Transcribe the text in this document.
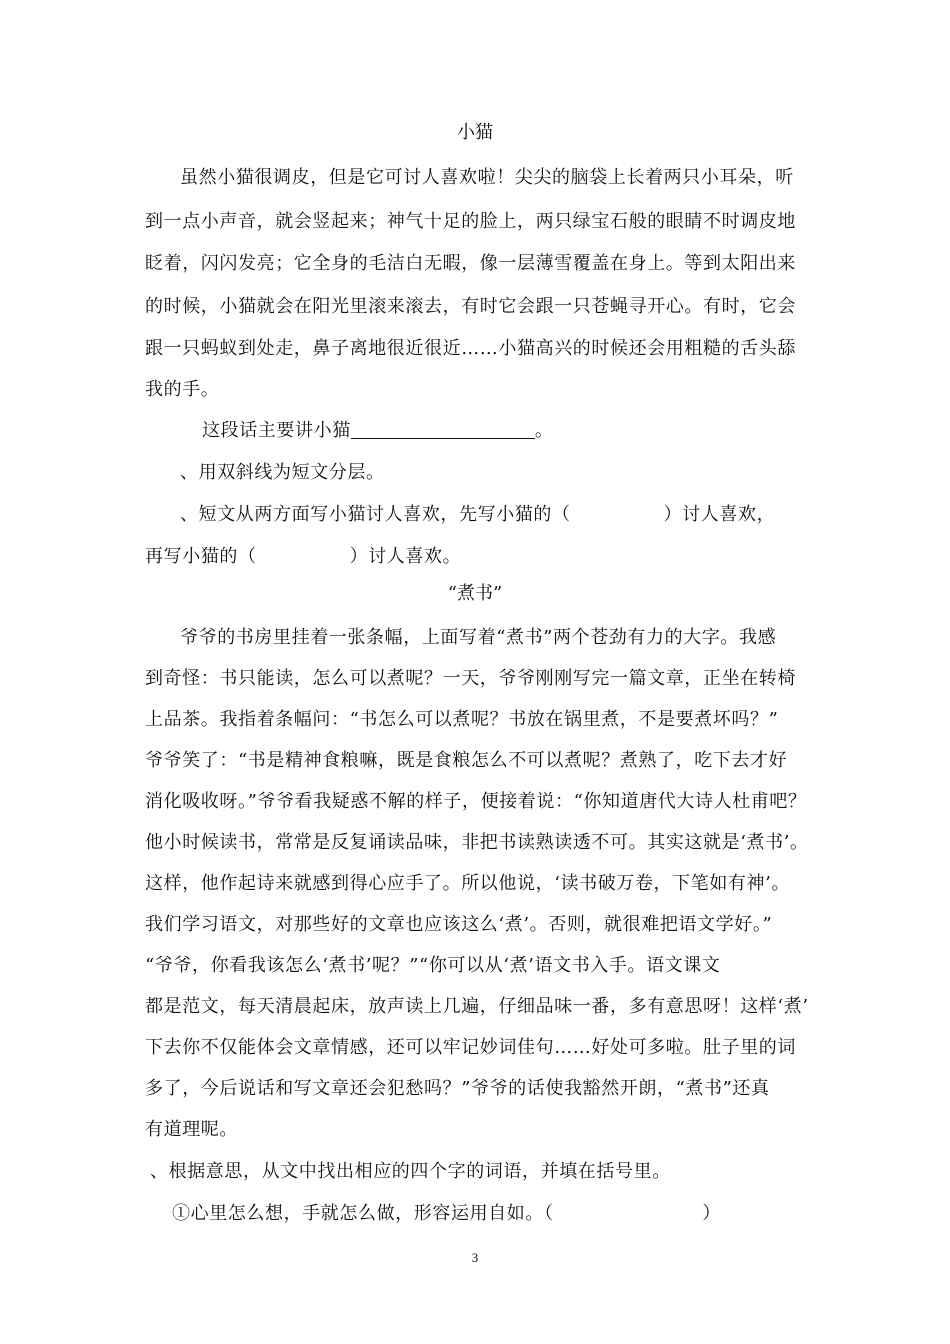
小猫
虽然小猫很调皮，但是它可讨人喜欢啦！尖尖的脑袋上长着两只小耳朵，听
到一点小声音，就会竖起来；神气十足的脸上，两只绿宝石般的眼睛不时调皮地
眨着，闪闪发亮；它全身的毛洁白无暇，像一层薄雪覆盖在身上。等到太阳出来
的时候，小猫就会在阳光里滚来滚去，有时它会跟一只苍蝇寻开心。有时，它会
跟一只蚂蚁到处走，鼻子离地很近很近……小猫高兴的时候还会用粗糙的舌头舔
我的手。
这段话主要讲小猫	。
、用双斜线为短文分层。
、短文从两方面写小猫讨人喜欢，先写小猫的（　　　　　）讨人喜欢，
再写小猫的（　　　　　）讨人喜欢。
“煮书”
爷爷的书房里挂着一张条幅，上面写着“煮书”两个苍劲有力的大字。我感
到奇怪：书只能读，怎么可以煮呢？一天，爷爷刚刚写完一篇文章，正坐在转椅
上品茶。我指着条幅问：“书怎么可以煮呢？书放在锅里煮，不是要煮坏吗？”
爷爷笑了：“书是精神食粮嘛，既是食粮怎么不可以煮呢？煮熟了，吃下去才好
消化吸收呀。”爷爷看我疑惑不解的样子，便接着说：“你知道唐代大诗人杜甫吧？
他小时候读书，常常是反复诵读品味，非把书读熟读透不可。其实这就是‘煮书’。
这样，他作起诗来就感到得心应手了。所以他说，‘读书破万卷，下笔如有神’。
我们学习语文，对那些好的文章也应该这么‘煮’。否则，就很难把语文学好。”
“爷爷，你看我该怎么‘煮书’呢？”“你可以从‘煮’语文书入手。语文课文
都是范文，每天清晨起床，放声读上几遍，仔细品味一番，多有意思呀！这样‘煮’
下去你不仅能体会文章情感，还可以牢记妙词佳句……好处可多啦。肚子里的词
多了，今后说话和写文章还会犯愁吗？”爷爷的话使我豁然开朗，“煮书”还真
有道理呢。
、根据意思，从文中找出相应的四个字的词语，并填在括号里。
①心里怎么想，手就怎么做，形容运用自如。（　　　　　　　　）
3
